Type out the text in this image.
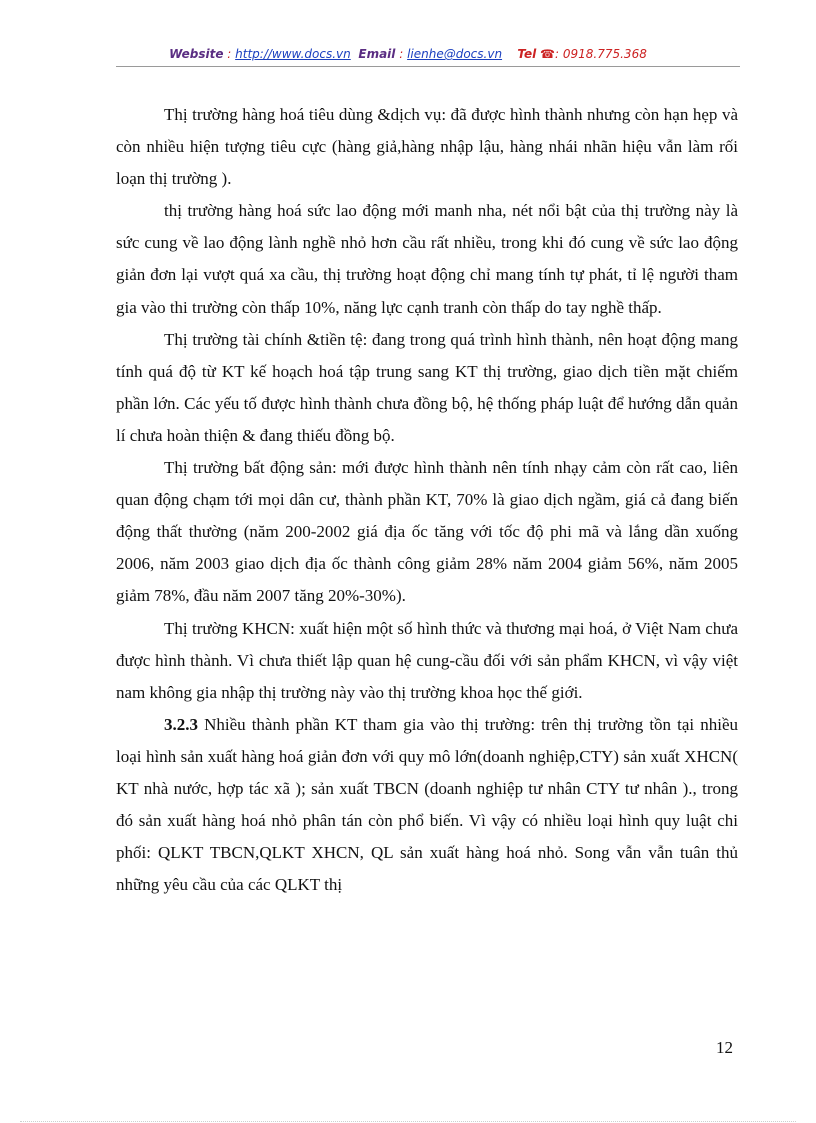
Website : http://www.docs.vn Email : lienhe@docs.vn Tel ☎: 0918.775.368

Thị trường hàng hoá tiêu dùng &dịch vụ: đã được hình thành nhưng còn hạn hẹp và còn nhiều hiện tượng tiêu cực (hàng giả,hàng nhập lậu, hàng nhái nhãn hiệu vẫn làm rối loạn thị trường ).

thị trường hàng hoá sức lao động mới manh nha, nét nổi bật của thị trường này là sức cung về lao động lành nghề nhỏ hơn cầu rất nhiều, trong khi đó cung về sức lao động giản đơn lại vượt quá xa cầu, thị trường hoạt động chỉ mang tính tự phát, tỉ lệ người tham gia vào thi trường còn thấp 10%, năng lực cạnh tranh còn thấp do tay nghề thấp.

Thị trường tài chính &tiền tệ: đang trong quá trình hình thành, nên hoạt động mang tính quá độ từ KT kế hoạch hoá tập trung sang KT thị trường, giao dịch tiền mặt chiếm phần lớn. Các yếu tố được hình thành chưa đồng bộ, hệ thống pháp luật để hướng dẫn quản lí chưa hoàn thiện & đang thiếu đồng bộ.

Thị trường bất động sản: mới được hình thành nên tính nhạy cảm còn rất cao, liên quan động chạm tới mọi dân cư, thành phần KT, 70% là giao dịch ngầm, giá cả đang biến động thất thường (năm 200-2002 giá địa ốc tăng với tốc độ phi mã và lắng dần xuống 2006, năm 2003 giao dịch địa ốc thành công giảm 28% năm 2004 giảm 56%, năm 2005 giảm 78%, đầu năm 2007 tăng 20%-30%).

Thị trường KHCN: xuất hiện một số hình thức và thương mại hoá, ở Việt Nam chưa được hình thành. Vì chưa thiết lập quan hệ cung-cầu đối với sản phẩm KHCN, vì vậy việt nam không gia nhập thị trường này vào thị trường khoa học thế giới.

3.2.3 Nhiều thành phần KT tham gia vào thị trường: trên thị trường tồn tại nhiều loại hình sản xuất hàng hoá giản đơn với quy mô lớn(doanh nghiệp,CTY) sản xuất XHCN( KT nhà nước, hợp tác xã ); sản xuất TBCN (doanh nghiệp tư nhân CTY tư nhân )., trong đó sản xuất hàng hoá nhỏ phân tán còn phổ biến. Vì vậy có nhiều loại hình quy luật chi phối: QLKT TBCN,QLKT XHCN, QL sản xuất hàng hoá nhỏ. Song vẫn vẫn tuân thủ những yêu cầu của các QLKT thị

12
